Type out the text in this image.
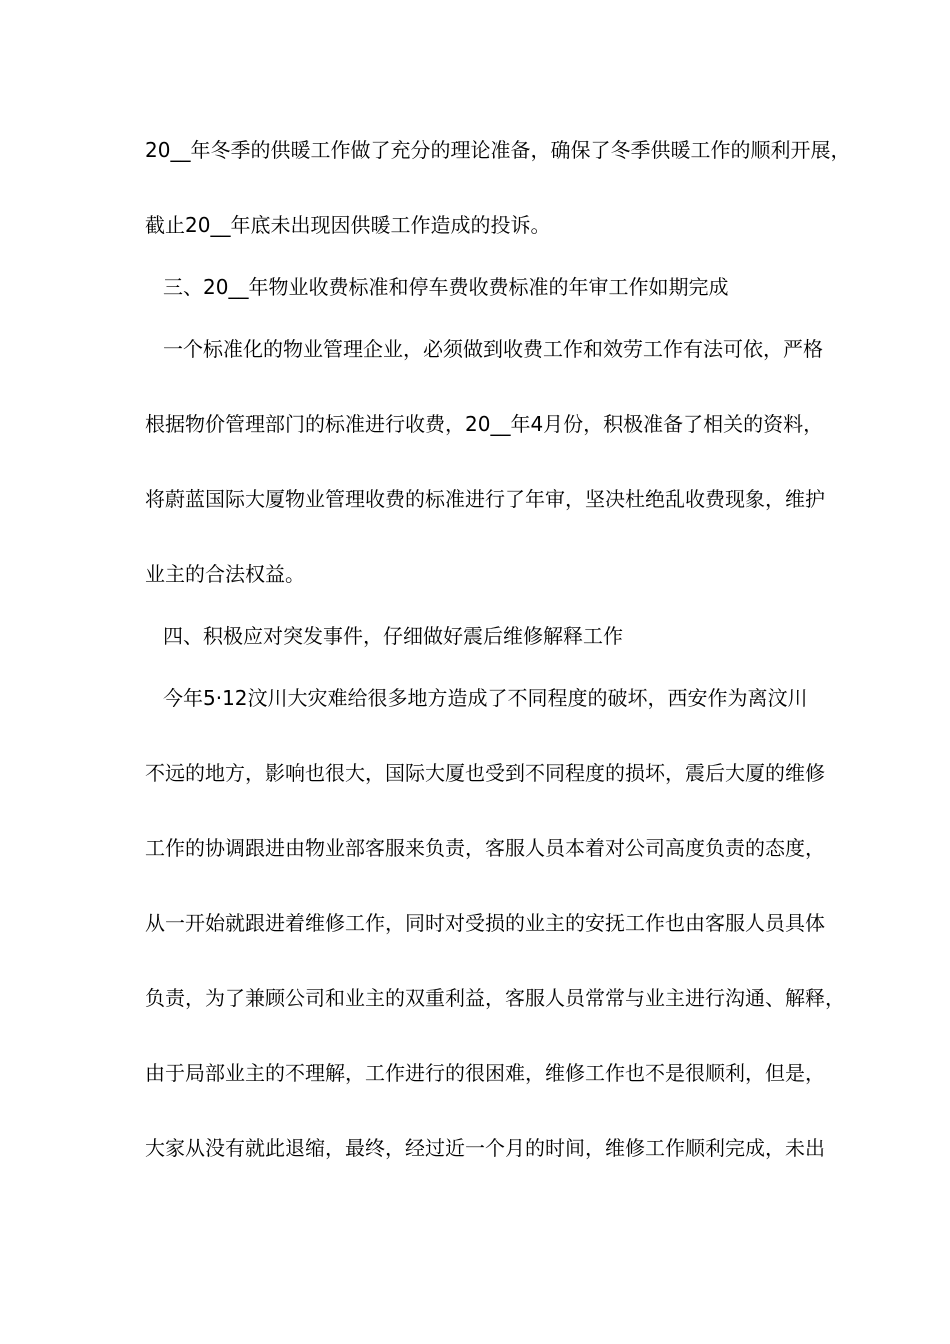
20__年冬季的供暖工作做了充分的理论准备，确保了冬季供暖工作的顺利开展，
截止20__年底未出现因供暖工作造成的投诉。
三、20__年物业收费标准和停车费收费标准的年审工作如期完成
一个标准化的物业管理企业，必须做到收费工作和效劳工作有法可依，严格
根据物价管理部门的标准进行收费，20__年4月份，积极准备了相关的资料，
将蔚蓝国际大厦物业管理收费的标准进行了年审，坚决杜绝乱收费现象，维护
业主的合法权益。
四、积极应对突发事件，仔细做好震后维修解释工作
今年5·12汶川大灾难给很多地方造成了不同程度的破坏，西安作为离汶川
不远的地方，影响也很大，国际大厦也受到不同程度的损坏，震后大厦的维修
工作的协调跟进由物业部客服来负责，客服人员本着对公司高度负责的态度，
从一开始就跟进着维修工作，同时对受损的业主的安抚工作也由客服人员具体
负责，为了兼顾公司和业主的双重利益，客服人员常常与业主进行沟通、解释，
由于局部业主的不理解，工作进行的很困难，维修工作也不是很顺利，但是，
大家从没有就此退缩，最终，经过近一个月的时间，维修工作顺利完成，未出
